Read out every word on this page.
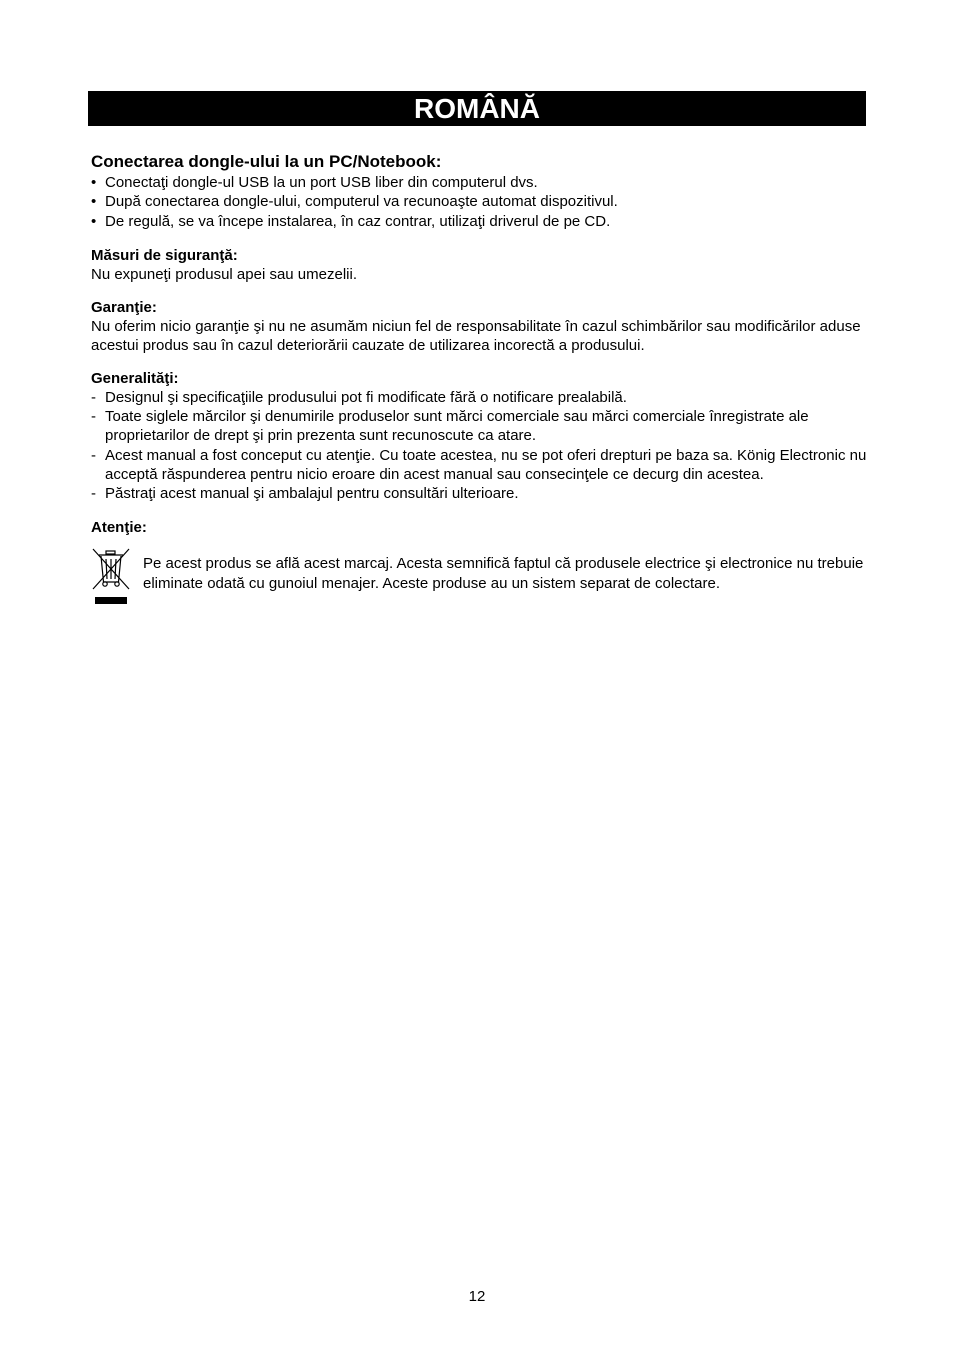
ROMÂNĂ
Conectarea dongle-ului la un PC/Notebook:
• Conectaţi dongle-ul USB la un port USB liber din computerul dvs.
• După conectarea dongle-ului, computerul va recunoaşte automat dispozitivul.
• De regulă, se va începe instalarea, în caz contrar, utilizaţi driverul de pe CD.
Măsuri de siguranţă:

Nu expuneţi produsul apei sau umezelii.

Garanţie:

Nu oferim nicio garanţie şi nu ne asumăm niciun fel de responsabilitate în cazul schimbărilor sau modificărilor aduse acestui produs sau în cazul deteriorării cauzate de utilizarea incorectă a produsului.

Generalităţi:
- Designul şi specificaţiile produsului pot fi modificate fără o notificare prealabilă.
- Toate siglele mărcilor şi denumirile produselor sunt mărci comerciale sau mărci comerciale înregistrate ale proprietarilor de drept şi prin prezenta sunt recunoscute ca atare.
- Acest manual a fost conceput cu atenţie. Cu toate acestea, nu se pot oferi drepturi pe baza sa. König Electronic nu acceptă răspunderea pentru nicio eroare din acest manual sau consecinţele ce decurg din acestea.
- Păstraţi acest manual şi ambalajul pentru consultări ulterioare.
Atenţie:

Pe acest produs se află acest marcaj. Acesta semnifică faptul că produsele electrice şi electronice nu trebuie eliminate odată cu gunoiul menajer. Aceste produse au un sistem separat de colectare.

12
